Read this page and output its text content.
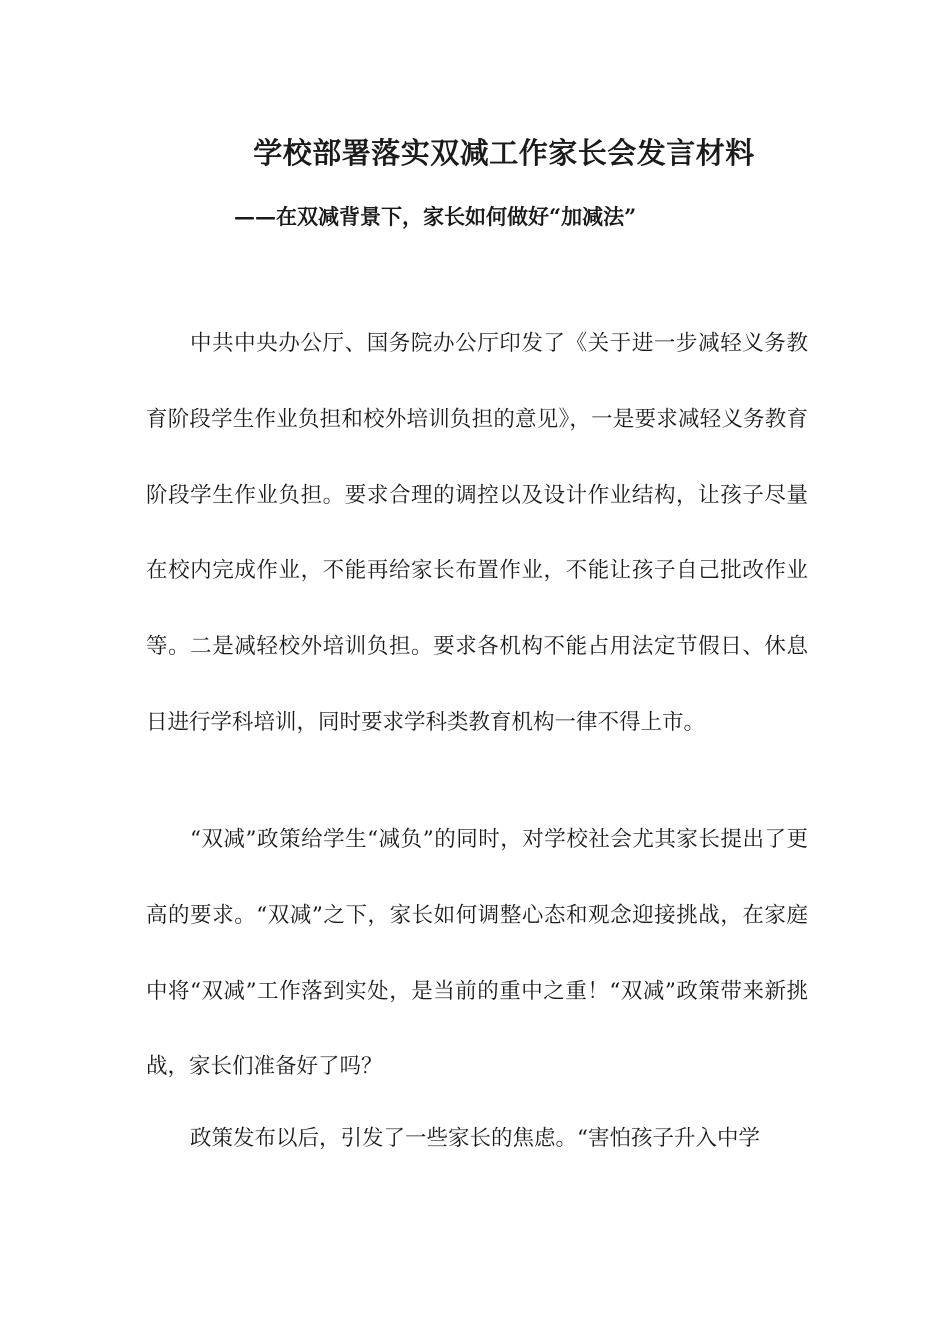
学校部署落实双减工作家长会发言材料
——在双减背景下，家长如何做好“加减法”

中共中央办公厅、国务院办公厅印发了《关于进一步减轻义务教育阶段学生作业负担和校外培训负担的意见》，一是要求减轻义务教育阶段学生作业负担。要求合理的调控以及设计作业结构，让孩子尽量在校内完成作业，不能再给家长布置作业，不能让孩子自己批改作业等。二是减轻校外培训负担。要求各机构不能占用法定节假日、休息日进行学科培训，同时要求学科类教育机构一律不得上市。

“双减”政策给学生“减负”的同时，对学校社会尤其家长提出了更高的要求。“双减”之下，家长如何调整心态和观念迎接挑战，在家庭中将“双减”工作落到实处，是当前的重中之重！“双减”政策带来新挑战，家长们准备好了吗？

政策发布以后，引发了一些家长的焦虑。“害怕孩子升入中学
